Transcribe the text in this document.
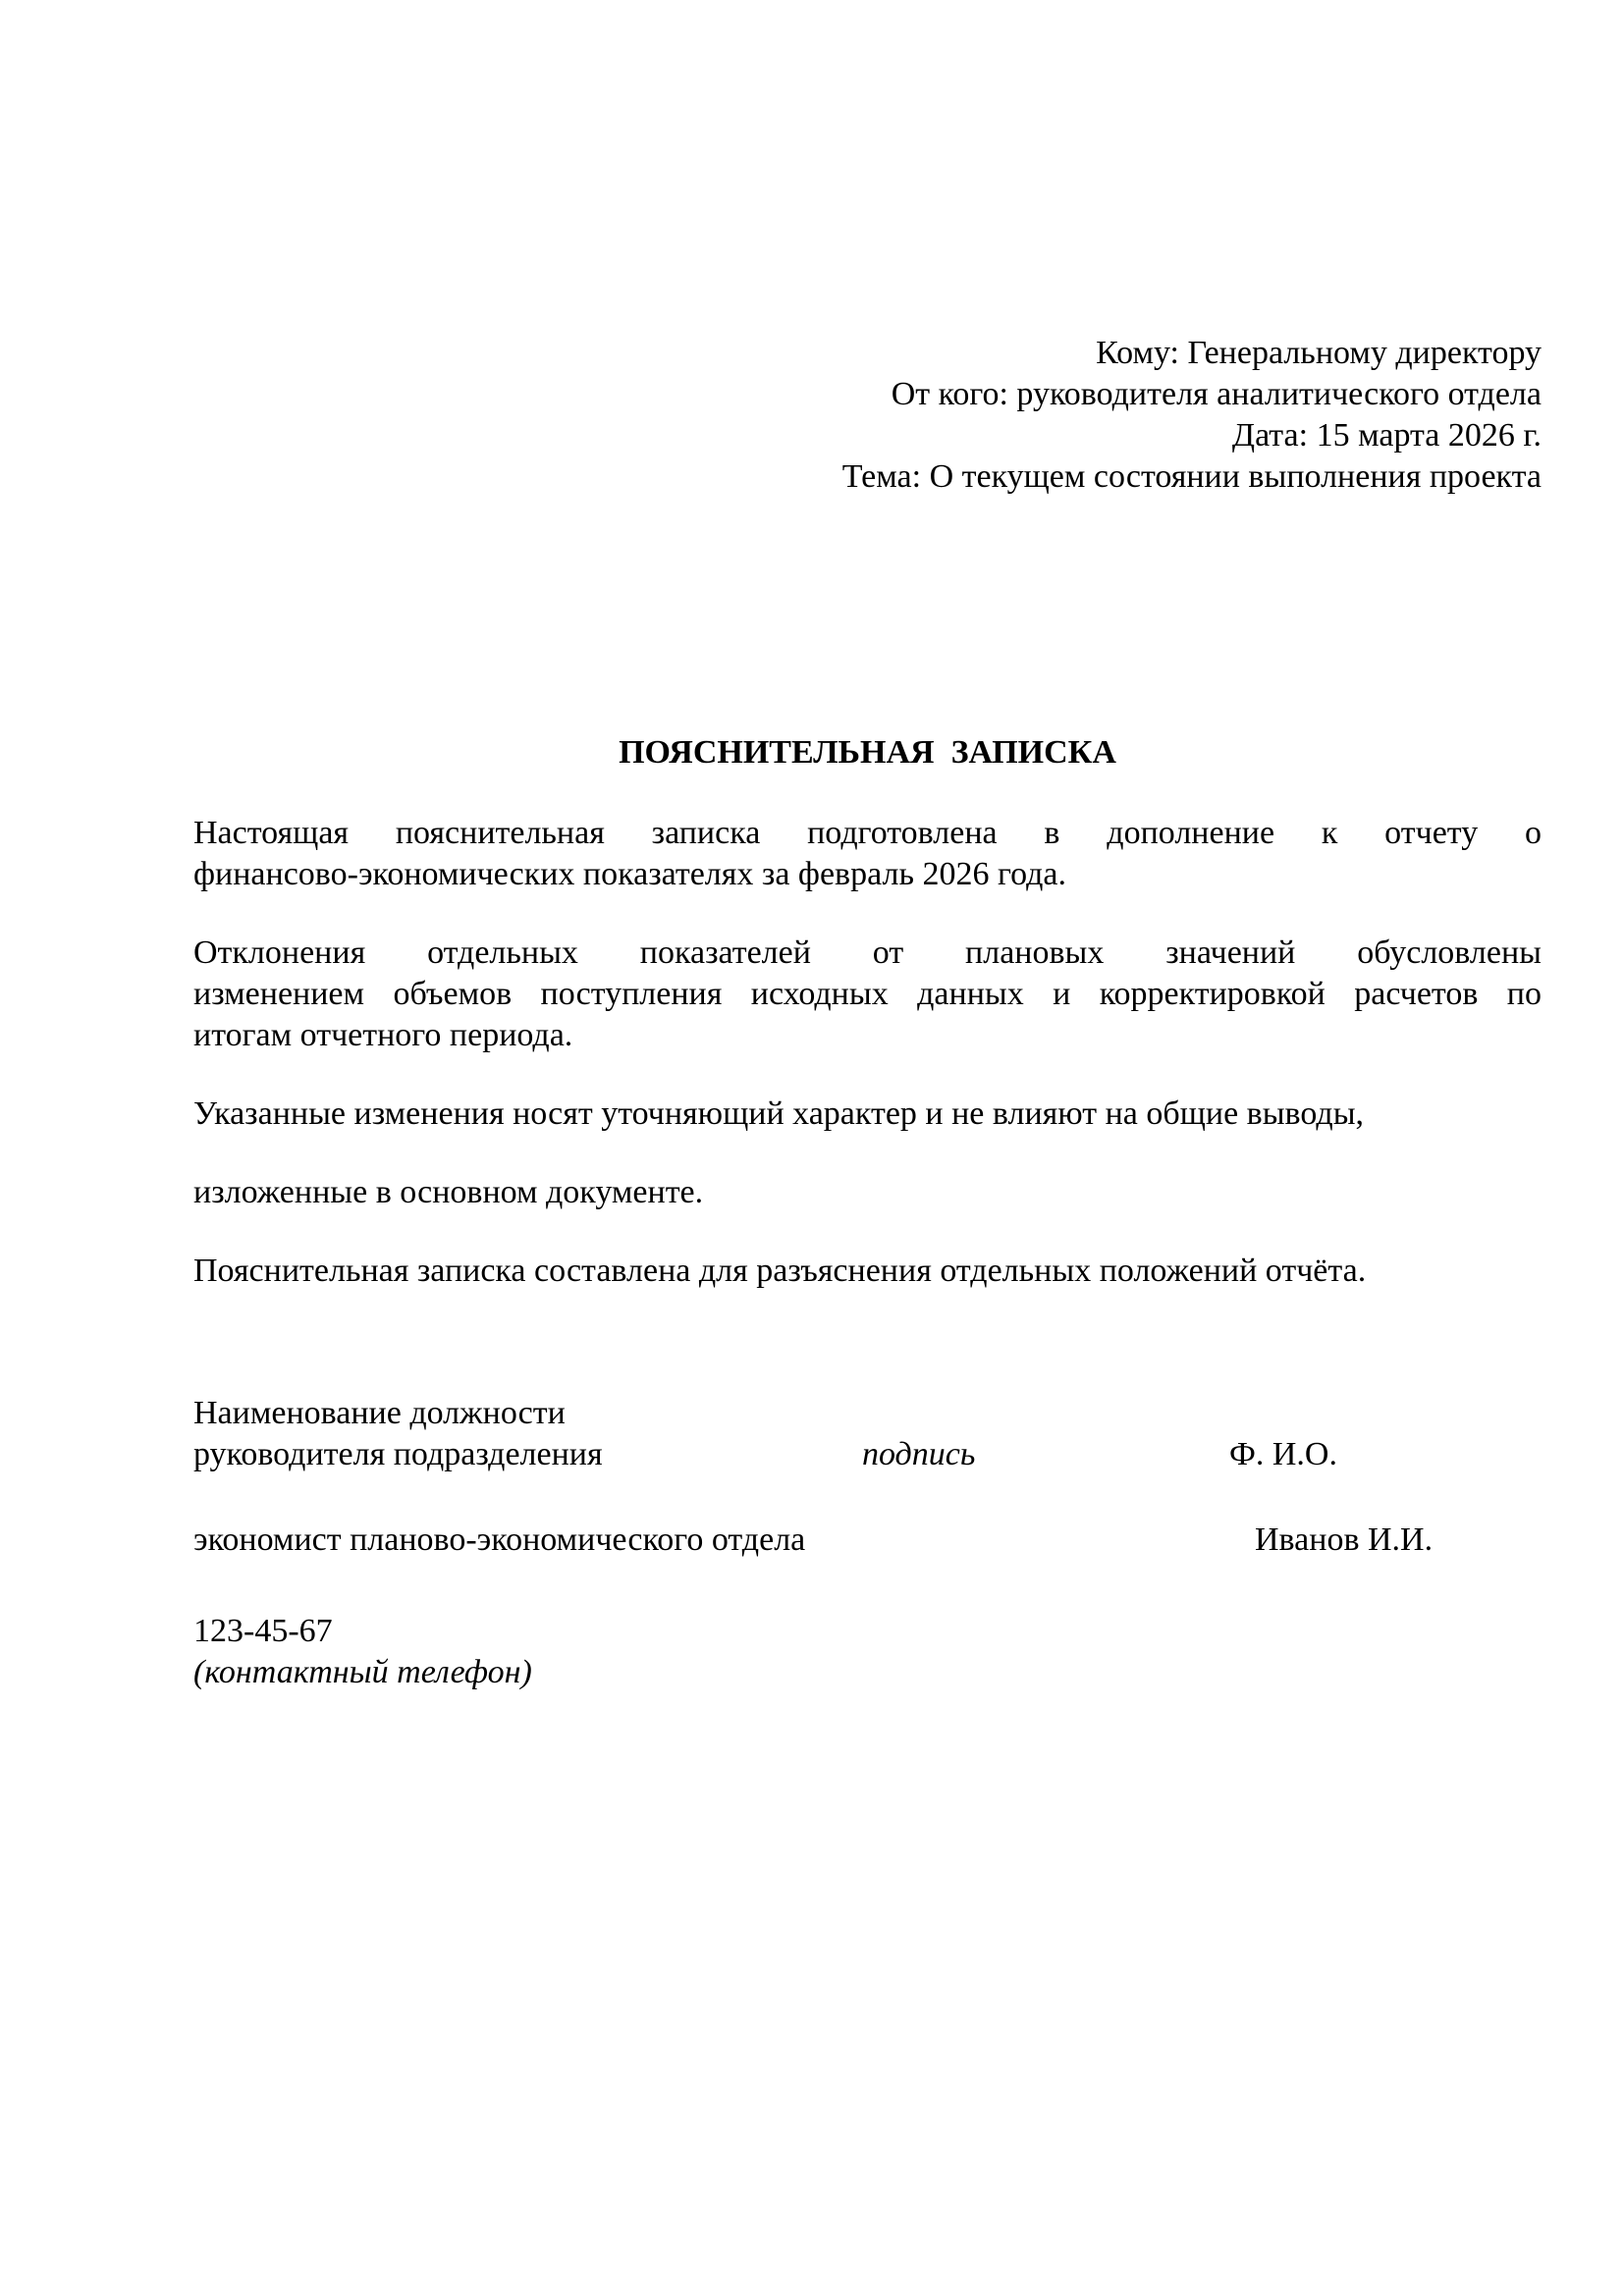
Кому: Генеральному директору
От кого: руководителя аналитического отдела
Дата: 15 марта 2026 г.
Тема: О текущем состоянии выполнения проекта
ПОЯСНИТЕЛЬНАЯ  ЗАПИСКА
Настоящая пояснительная записка подготовлена в дополнение к отчету о
финансово-экономических показателях за февраль 2026 года.
Отклонения отдельных показателей от плановых значений обусловлены
изменением объемов поступления исходных данных и корректировкой расчетов по
итогам отчетного периода.
Указанные изменения носят уточняющий характер и не влияют на общие выводы,
изложенные в основном документе.
Пояснительная записка составлена для разъяснения отдельных положений отчёта.
Наименование должности
руководителя подразделения	подпись	Ф. И.О.
экономист планово-экономического отдела	Иванов И.И.
123-45-67
(контактный телефон)
